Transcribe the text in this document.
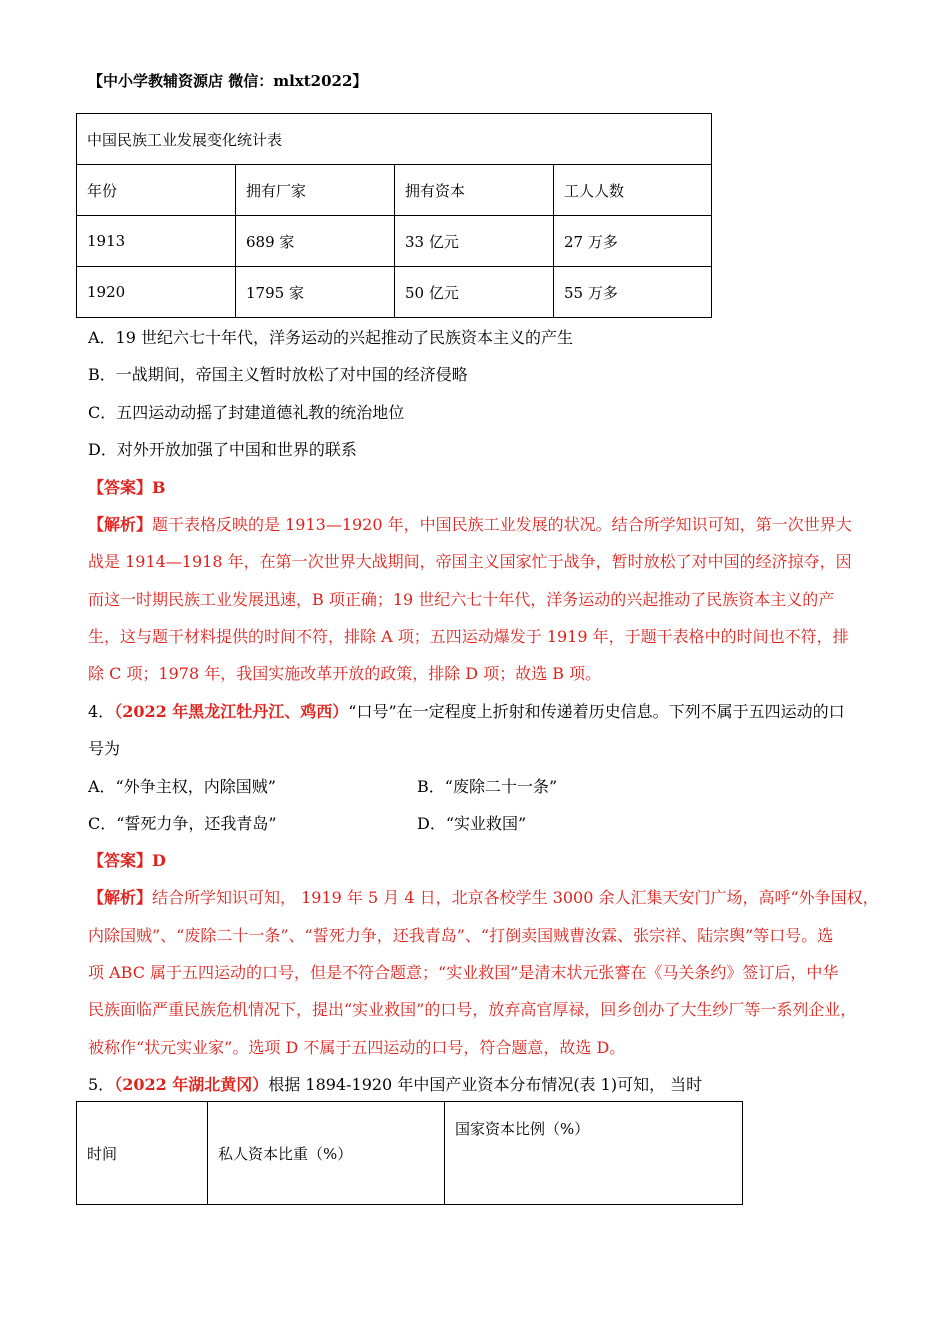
【中小学教辅资源店 微信：mlxt2022】
中国民族工业发展变化统计表			
年份	拥有厂家	拥有资本	工人人数
1913	689 家	33 亿元	27 万多
1920	1795 家	50 亿元	55 万多
A．19 世纪六七十年代，洋务运动的兴起推动了民族资本主义的产生
B．一战期间，帝国主义暂时放松了对中国的经济侵略
C．五四运动动摇了封建道德礼教的统治地位
D．对外开放加强了中国和世界的联系
【答案】B
【解析】题干表格反映的是 1913—1920 年，中国民族工业发展的状况。结合所学知识可知，第一次世界大
战是 1914—1918 年，在第一次世界大战期间，帝国主义国家忙于战争，暂时放松了对中国的经济掠夺，因
而这一时期民族工业发展迅速，B 项正确；19 世纪六七十年代，洋务运动的兴起推动了民族资本主义的产
生，这与题干材料提供的时间不符，排除 A 项；五四运动爆发于 1919 年，于题干表格中的时间也不符，排
除 C 项；1978 年，我国实施改革开放的政策，排除 D 项；故选 B 项。
4．（2022 年黑龙江牡丹江、鸡西）“口号”在一定程度上折射和传递着历史信息。下列不属于五四运动的口
号为
A．“外争主权，内除国贼”	B．“废除二十一条”
C．“誓死力争，还我青岛”	D．“实业救国”
【答案】D
【解析】结合所学知识可知， 1919 年 5 月 4 日，北京各校学生 3000 余人汇集天安门广场，高呼“外争国权，
内除国贼”、“废除二十一条”、“誓死力争，还我青岛”、“打倒卖国贼曹汝霖、张宗祥、陆宗舆”等口号。选
项 ABC 属于五四运动的口号，但是不符合题意；“实业救国”是清末状元张謇在《马关条约》签订后，中华
民族面临严重民族危机情况下，提出“实业救国”的口号，放弃高官厚禄，回乡创办了大生纱厂等一系列企业，
被称作“状元实业家”。选项 D 不属于五四运动的口号，符合题意，故选 D。
5．（2022 年湖北黄冈）根据 1894-1920 年中国产业资本分布情况(表 1)可知， 当时
时间	私人资本比重（%）	国家资本比例（%）
